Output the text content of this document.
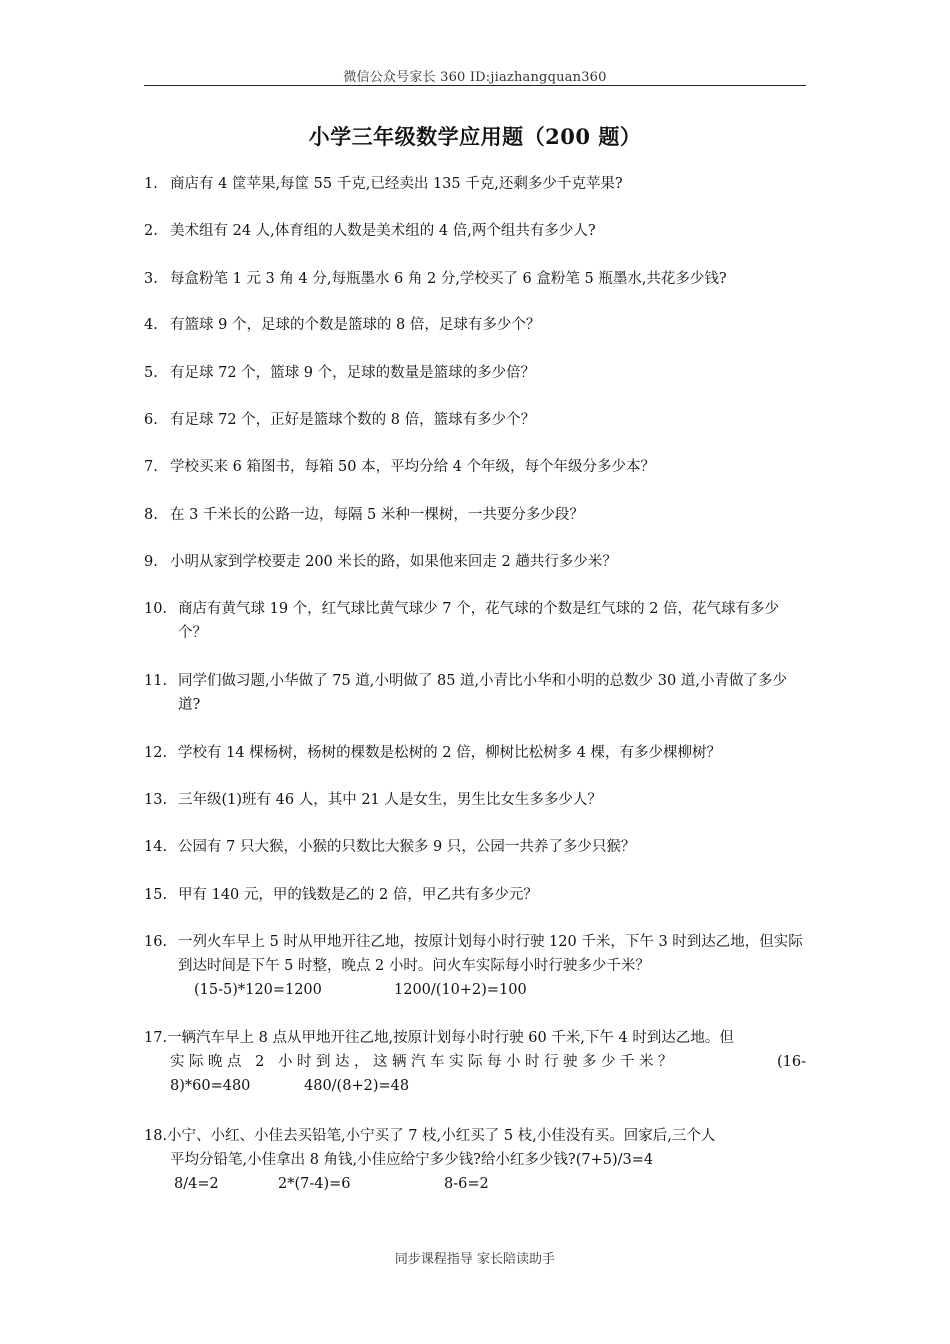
微信公众号家长 360 ID:jiazhangquan360
小学三年级数学应用题（200 题）
1. 商店有 4 筐苹果,每筐 55 千克,已经卖出 135 千克,还剩多少千克苹果?
2. 美术组有 24 人,体育组的人数是美术组的 4 倍,两个组共有多少人?
3. 每盒粉笔 1 元 3 角 4 分,每瓶墨水 6 角 2 分,学校买了 6 盒粉笔 5 瓶墨水,共花多少钱?
4. 有篮球 9 个，足球的个数是篮球的 8 倍，足球有多少个？
5. 有足球 72 个，篮球 9 个，足球的数量是篮球的多少倍？
6. 有足球 72 个，正好是篮球个数的 8 倍，篮球有多少个？
7. 学校买来 6 箱图书，每箱 50 本，平均分给 4 个年级，每个年级分多少本？
8. 在 3 千米长的公路一边，每隔 5 米种一棵树，一共要分多少段？
9. 小明从家到学校要走 200 米长的路，如果他来回走 2 趟共行多少米？
10. 商店有黄气球 19 个，红气球比黄气球少 7 个，花气球的个数是红气球的 2 倍，花气球有多少个？
11. 同学们做习题,小华做了 75 道,小明做了 85 道,小青比小华和小明的总数少 30 道,小青做了多少道?
12. 学校有 14 棵杨树，杨树的棵数是松树的 2 倍，柳树比松树多 4 棵，有多少棵柳树？
13. 三年级(1)班有 46 人，其中 21 人是女生，男生比女生多多少人？
14. 公园有 7 只大猴，小猴的只数比大猴多 9 只，公园一共养了多少只猴？
15. 甲有 140 元，甲的钱数是乙的 2 倍，甲乙共有多少元？
16. 一列火车早上 5 时从甲地开往乙地，按原计划每小时行驶 120 千米，下午 3 时到达乙地，但实际到达时间是下午 5 时整，晚点 2 小时。问火车实际每小时行驶多少千米？
(15-5)*120=1200	1200/(10+2)=100
17.一辆汽车早上 8 点从甲地开往乙地,按原计划每小时行驶 60 千米,下午 4 时到达乙地。但
实际晚点 2 小时到达，这辆汽车实际每小时行驶多少千米？	(16-
8)*60=480	480/(8+2)=48
18.小宁、小红、小佳去买铅笔,小宁买了 7 枝,小红买了 5 枝,小佳没有买。回家后,三个人
平均分铅笔,小佳拿出 8 角钱,小佳应给宁多少钱?给小红多少钱?(7+5)/3=4
8/4=2	2*(7-4)=6	8-6=2
同步课程指导 家长陪读助手
